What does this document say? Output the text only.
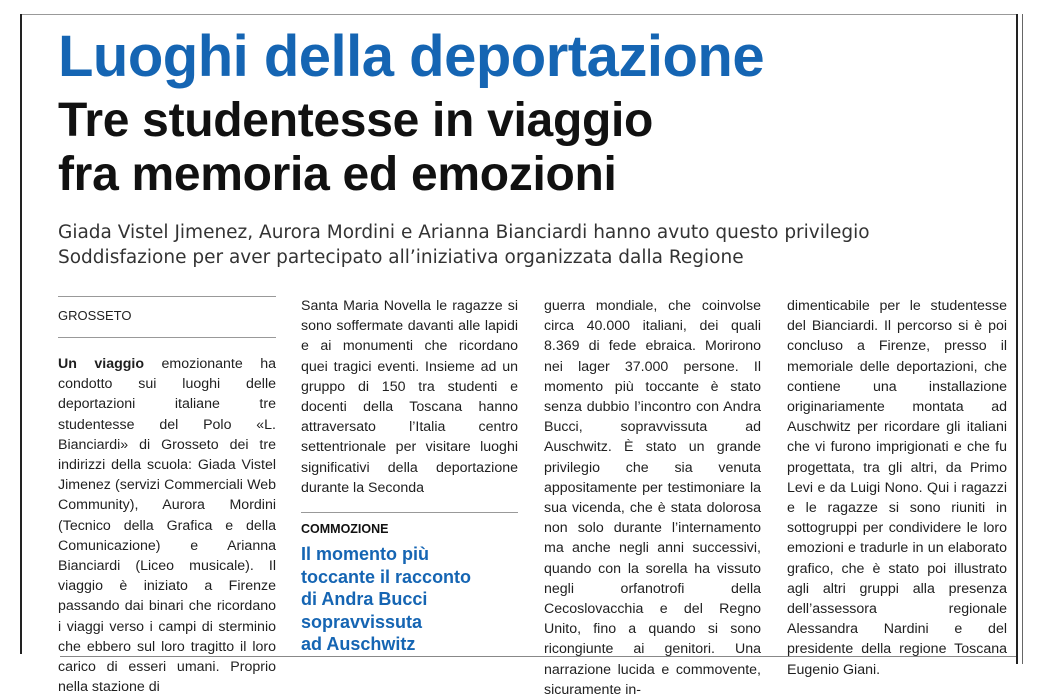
Luoghi della deportazione
Tre studentesse in viaggio
fra memoria ed emozioni
Giada Vistel Jimenez, Aurora Mordini e Arianna Bianciardi hanno avuto questo privilegio
Soddisfazione per aver partecipato all’iniziativa organizzata dalla Regione
GROSSETO
Un viaggio emozionante ha condotto sui luoghi delle deportazioni italiane tre studentesse del Polo «L. Bianciardi» di Grosseto dei tre indirizzi della scuola: Giada Vistel Jimenez (servizi Commerciali Web Community), Aurora Mordini (Tecnico della Grafica e della Comunicazione) e Arianna Bianciardi (Liceo musicale). Il viaggio è iniziato a Firenze passando dai binari che ricordano i viaggi verso i campi di sterminio che ebbero sul loro tragitto il loro carico di esseri umani. Proprio nella stazione di
Santa Maria Novella le ragazze si sono soffermate davanti alle lapidi e ai monumenti che ricordano quei tragici eventi. Insieme ad un gruppo di 150 tra studenti e docenti della Toscana hanno attraversato l’Italia centro settentrionale per visitare luoghi significativi della deportazione durante la Seconda
COMMOZIONE
Il momento più
toccante il racconto
di Andra Bucci
sopravvissuta
ad Auschwitz
guerra mondiale, che coinvolse circa 40.000 italiani, dei quali 8.369 di fede ebraica. Morirono nei lager 37.000 persone. Il momento più toccante è stato senza dubbio l’incontro con Andra Bucci, sopravvissuta ad Auschwitz. È stato un grande privilegio che sia venuta appositamente per testimoniare la sua vicenda, che è stata dolorosa non solo durante l’internamento ma anche negli anni successivi, quando con la sorella ha vissuto negli orfanotrofi della Cecoslovacchia e del Regno Unito, fino a quando si sono ricongiunte ai genitori. Una narrazione lucida e commovente, sicuramente in-
dimenticabile per le studentesse del Bianciardi. Il percorso si è poi concluso a Firenze, presso il memoriale delle deportazioni, che contiene una installazione originariamente montata ad Auschwitz per ricordare gli italiani che vi furono imprigionati e che fu progettata, tra gli altri, da Primo Levi e da Luigi Nono. Qui i ragazzi e le ragazze si sono riuniti in sottogruppi per condividere le loro emozioni e tradurle in un elaborato grafico, che è stato poi illustrato agli altri gruppi alla presenza dell’assessora regionale Alessandra Nardini e del presidente della regione Toscana Eugenio Giani.
